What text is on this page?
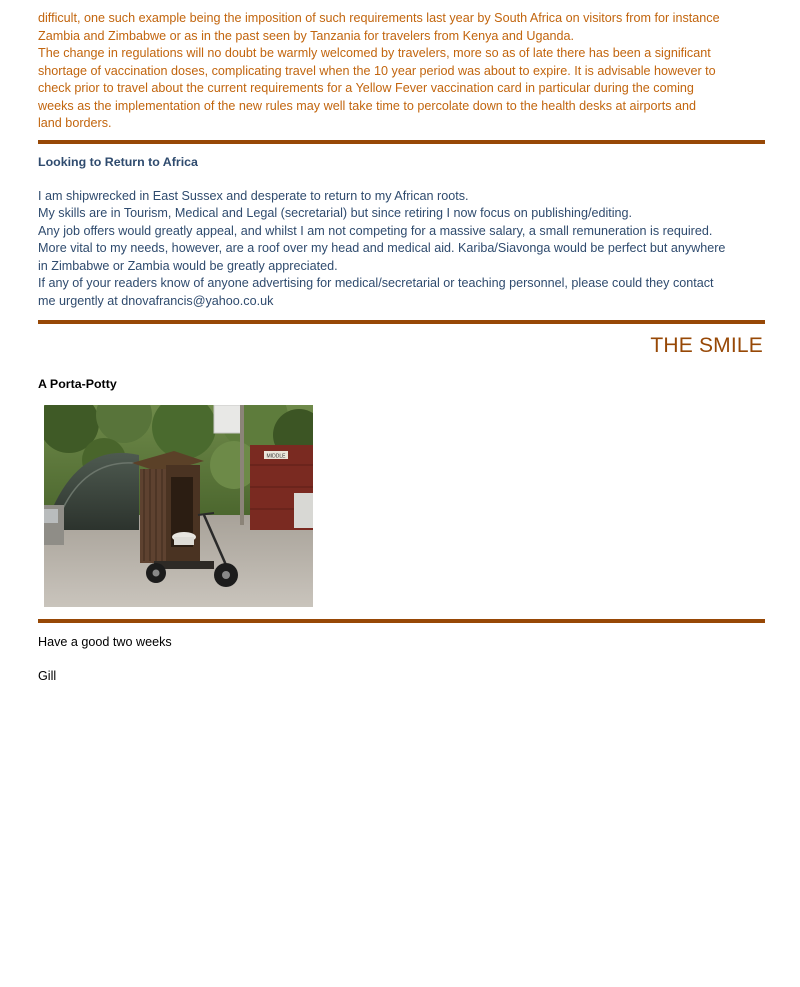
difficult, one such example being the imposition of such requirements last year by South Africa on visitors from for instance

Zambia and Zimbabwe or as in the past seen by Tanzania for travelers from Kenya and Uganda.

The change in regulations will no doubt be warmly welcomed by travelers, more so as of late there has been a significant

shortage of vaccination doses, complicating travel when the 10 year period was about to expire. It is advisable however to

check prior to travel about the current requirements for a Yellow Fever vaccination card in particular during the coming

weeks as the implementation of the new rules may well take time to percolate down to the health desks at airports and

land borders.

Looking to Return to Africa

I am shipwrecked in East Sussex and desperate to return to my African roots.

My skills are in Tourism, Medical and Legal (secretarial) but since retiring I now focus on publishing/editing.

Any job offers would greatly appeal, and whilst I am not competing for a massive salary, a small remuneration is required.

More vital to my needs, however, are a roof over my head and medical aid. Kariba/Siavonga would be perfect but anywhere

in Zimbabwe or Zambia would be greatly appreciated.

If any of your readers know of anyone advertising for medical/secretarial or teaching personnel, please could they contact

me urgently at dnovafrancis@yahoo.co.uk

THE SMILE

A Porta-Potty

MIDDLE

Have a good two weeks

Gill
